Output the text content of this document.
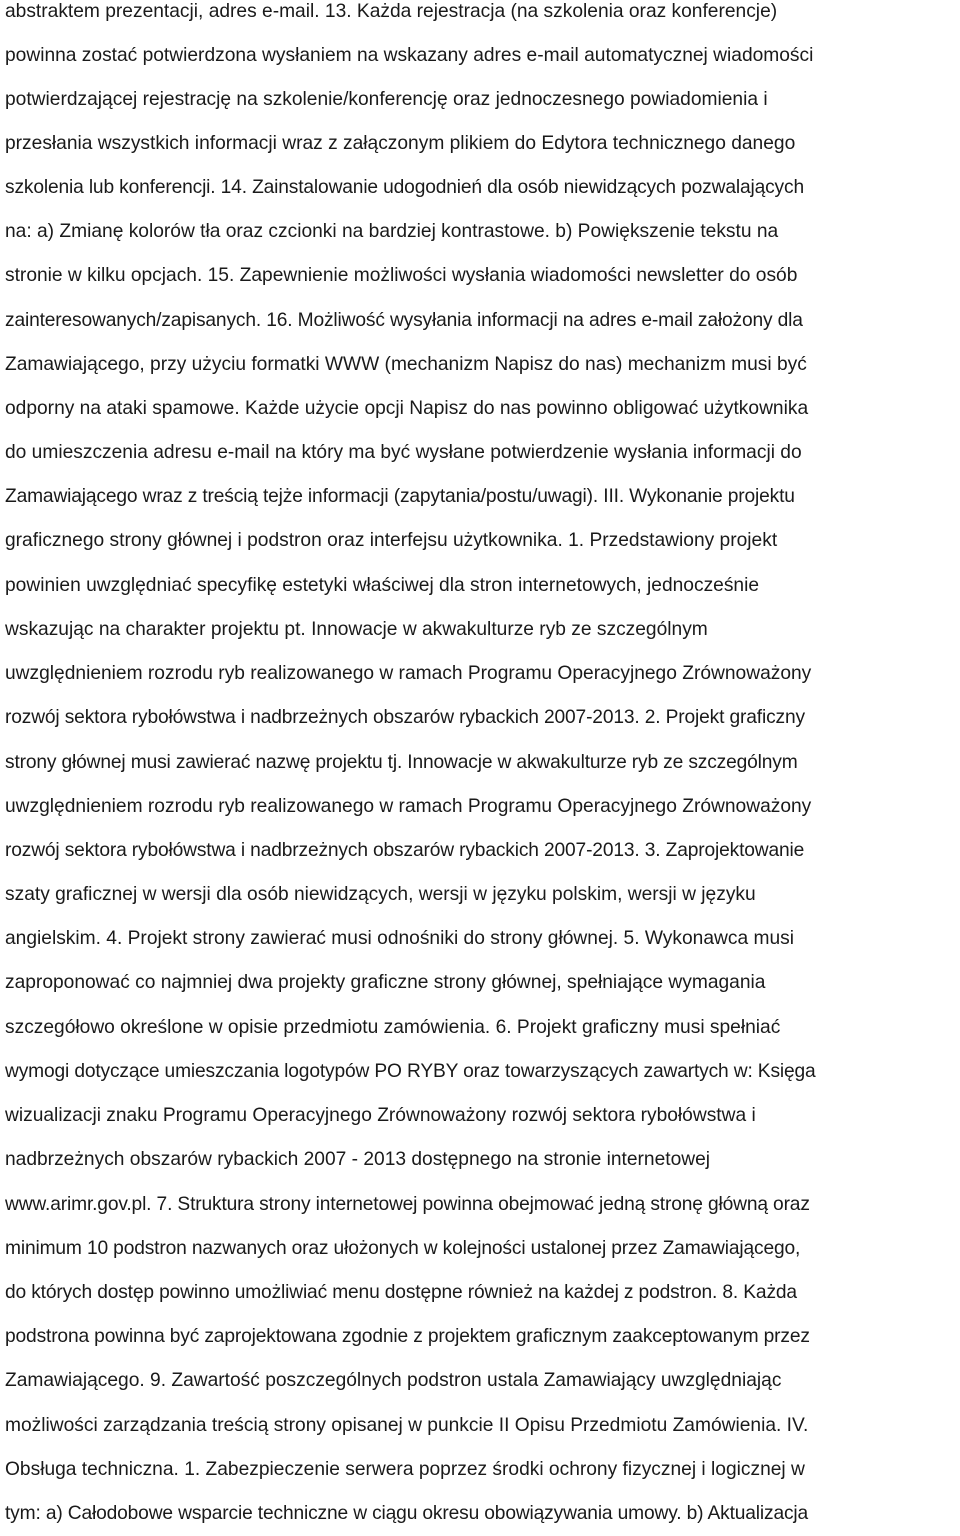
abstraktem prezentacji, adres e-mail. 13. Każda rejestracja (na szkolenia oraz konferencje)

powinna zostać potwierdzona wysłaniem na wskazany adres e-mail automatycznej wiadomości

potwierdzającej rejestrację na szkolenie/konferencję oraz jednoczesnego powiadomienia i

przesłania wszystkich informacji wraz z załączonym plikiem do Edytora technicznego danego

szkolenia lub konferencji. 14. Zainstalowanie udogodnień dla osób niewidzących pozwalających

na: a) Zmianę kolorów tła oraz czcionki na bardziej kontrastowe. b) Powiększenie tekstu na

stronie w kilku opcjach. 15. Zapewnienie możliwości wysłania wiadomości newsletter do osób

zainteresowanych/zapisanych. 16. Możliwość wysyłania informacji na adres e-mail założony dla

Zamawiającego, przy użyciu formatki WWW (mechanizm Napisz do nas) mechanizm musi być

odporny na ataki spamowe. Każde użycie opcji Napisz do nas powinno obligować użytkownika

do umieszczenia adresu e-mail na który ma być wysłane potwierdzenie wysłania informacji do

Zamawiającego wraz z treścią tejże informacji (zapytania/postu/uwagi). III. Wykonanie projektu

graficznego strony głównej i podstron oraz interfejsu użytkownika. 1. Przedstawiony projekt

powinien uwzględniać specyfikę estetyki właściwej dla stron internetowych, jednocześnie

wskazując na charakter projektu pt. Innowacje w akwakulturze ryb ze szczególnym

uwzględnieniem rozrodu ryb realizowanego w ramach Programu Operacyjnego Zrównoważony

rozwój sektora rybołówstwa i nadbrzeżnych obszarów rybackich 2007-2013. 2. Projekt graficzny

strony głównej musi zawierać nazwę projektu tj. Innowacje w akwakulturze ryb ze szczególnym

uwzględnieniem rozrodu ryb realizowanego w ramach Programu Operacyjnego Zrównoważony

rozwój sektora rybołówstwa i nadbrzeżnych obszarów rybackich 2007-2013. 3. Zaprojektowanie

szaty graficznej w wersji dla osób niewidzących, wersji w języku polskim, wersji w języku

angielskim. 4. Projekt strony zawierać musi odnośniki do strony głównej. 5. Wykonawca musi

zaproponować co najmniej dwa projekty graficzne strony głównej, spełniające wymagania

szczegółowo określone w opisie przedmiotu zamówienia. 6. Projekt graficzny musi spełniać

wymogi dotyczące umieszczania logotypów PO RYBY oraz towarzyszących zawartych w: Księga

wizualizacji znaku Programu Operacyjnego Zrównoważony rozwój sektora rybołówstwa i

nadbrzeżnych obszarów rybackich 2007 - 2013 dostępnego na stronie internetowej

www.arimr.gov.pl. 7. Struktura strony internetowej powinna obejmować jedną stronę główną oraz

minimum 10 podstron nazwanych oraz ułożonych w kolejności ustalonej przez Zamawiającego,

do których dostęp powinno umożliwiać menu dostępne również na każdej z podstron. 8. Każda

podstrona powinna być zaprojektowana zgodnie z projektem graficznym zaakceptowanym przez

Zamawiającego. 9. Zawartość poszczególnych podstron ustala Zamawiający uwzględniając

możliwości zarządzania treścią strony opisanej w punkcie II Opisu Przedmiotu Zamówienia. IV.

Obsługa techniczna. 1. Zabezpieczenie serwera poprzez środki ochrony fizycznej i logicznej w

tym: a) Całodobowe wsparcie techniczne w ciągu okresu obowiązywania umowy. b) Aktualizacja
